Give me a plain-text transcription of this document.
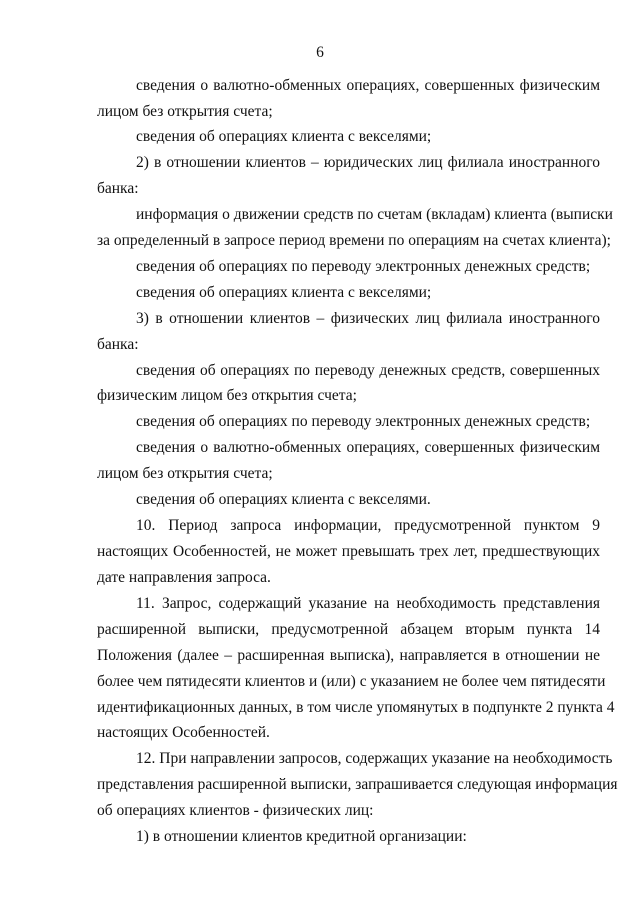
6
сведения о валютно-обменных операциях, совершенных физическим
лицом без открытия счета;
сведения об операциях клиента с векселями;
2) в отношении клиентов – юридических лиц филиала иностранного
банка:
информация о движении средств по счетам (вкладам) клиента (выписки
за определенный в запросе период времени по операциям на счетах клиента);
сведения об операциях по переводу электронных денежных средств;
сведения об операциях клиента с векселями;
3) в отношении клиентов – физических лиц филиала иностранного
банка:
сведения об операциях по переводу денежных средств, совершенных
физическим лицом без открытия счета;
сведения об операциях по переводу электронных денежных средств;
сведения о валютно-обменных операциях, совершенных физическим
лицом без открытия счета;
сведения об операциях клиента с векселями.
10. Период запроса информации, предусмотренной пунктом 9
настоящих Особенностей, не может превышать трех лет, предшествующих
дате направления запроса.
11. Запрос, содержащий указание на необходимость представления
расширенной выписки, предусмотренной абзацем вторым пункта 14
Положения (далее – расширенная выписка), направляется в отношении не
более чем пятидесяти клиентов и (или) с указанием не более чем пятидесяти
идентификационных данных, в том числе упомянутых в подпункте 2 пункта 4
настоящих Особенностей.
12. При направлении запросов, содержащих указание на необходимость
представления расширенной выписки, запрашивается следующая информация
об операциях клиентов - физических лиц:
1) в отношении клиентов кредитной организации:
